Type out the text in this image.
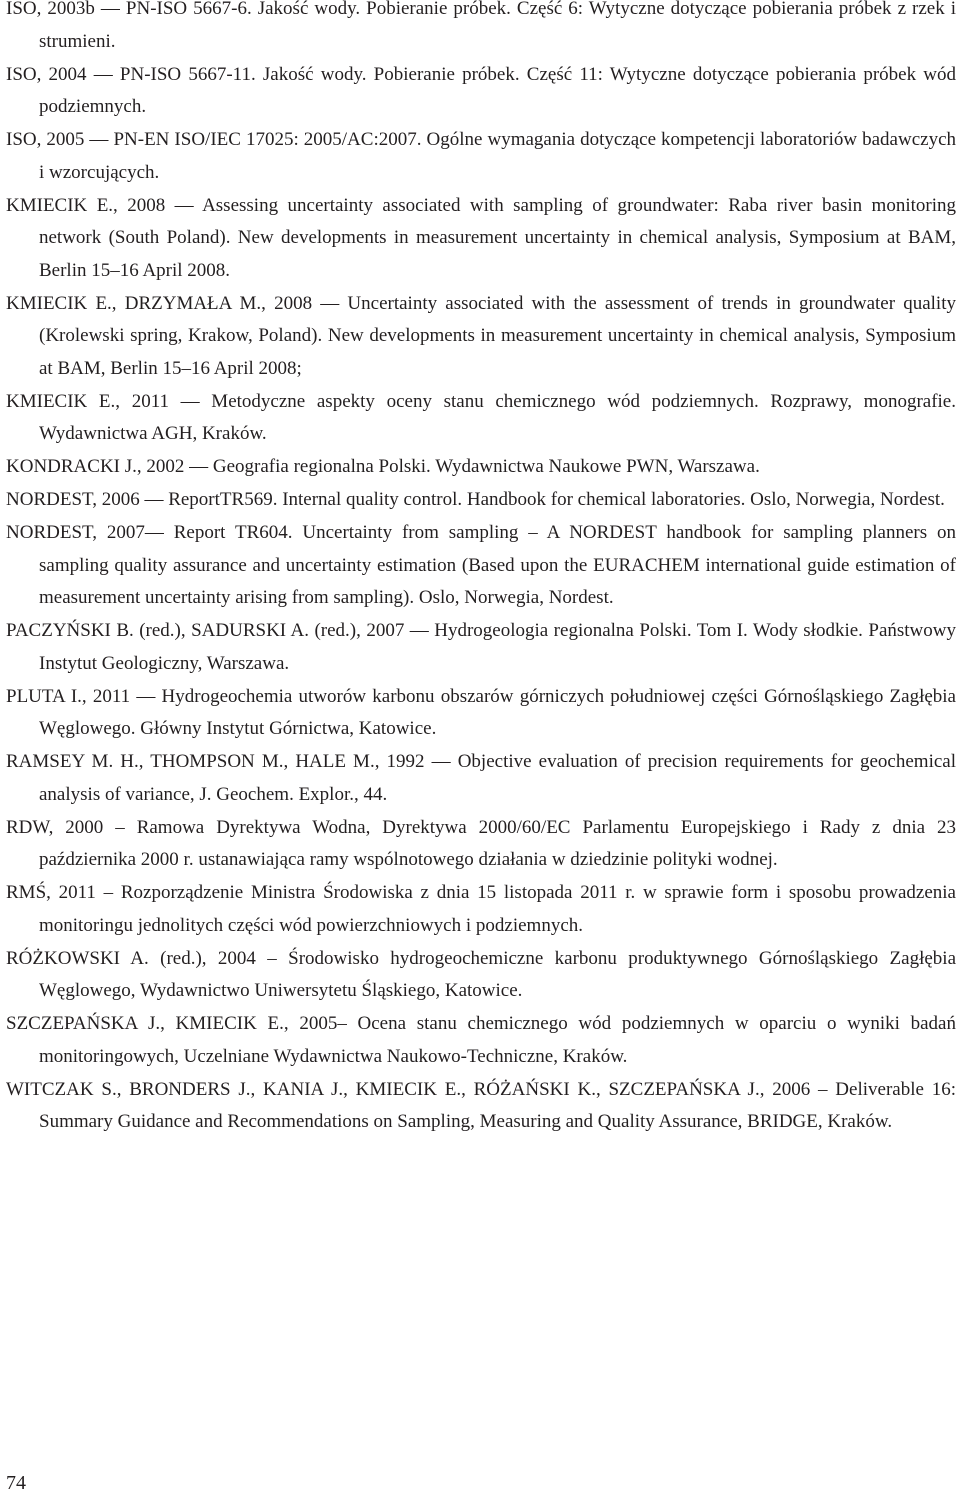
ISO, 2003b — PN-ISO 5667-6. Jakość wody. Pobieranie próbek. Część 6: Wytyczne dotyczące pobierania próbek z rzek i strumieni.

ISO, 2004 — PN-ISO 5667-11. Jakość wody. Pobieranie próbek. Część 11: Wytyczne dotyczące pobierania próbek wód podziemnych.

ISO, 2005 — PN-EN ISO/IEC 17025: 2005/AC:2007. Ogólne wymagania dotyczące kompetencji laboratoriów badawczych i wzorcujących.

KMIECIK E., 2008 — Assessing uncertainty associated with sampling of groundwater: Raba river basin monitoring network (South Poland). New developments in measurement uncertainty in chemical analysis, Symposium at BAM, Berlin 15–16 April 2008.

KMIECIK E., DRZYMAŁA M., 2008 — Uncertainty associated with the assessment of trends in groundwater quality (Krolewski spring, Krakow, Poland). New developments in measurement uncertainty in chemical analysis, Symposium at BAM, Berlin 15–16 April 2008;

KMIECIK E., 2011 — Metodyczne aspekty oceny stanu chemicznego wód podziemnych. Rozprawy, monografie. Wydawnictwa AGH, Kraków.

KONDRACKI J., 2002 — Geografia regionalna Polski. Wydawnictwa Naukowe PWN, Warszawa.

NORDEST, 2006 — ReportTR569. Internal quality control. Handbook for chemical laboratories. Oslo, Norwegia, Nordest.

NORDEST, 2007— Report TR604. Uncertainty from sampling – A NORDEST handbook for sampling planners on sampling quality assurance and uncertainty estimation (Based upon the EURACHEM international guide estimation of measurement uncertainty arising from sampling). Oslo, Norwegia, Nordest.

PACZYŃSKI B. (red.), SADURSKI A. (red.), 2007 — Hydrogeologia regionalna Polski. Tom I. Wody słodkie. Państwowy Instytut Geologiczny, Warszawa.

PLUTA I., 2011 — Hydrogeochemia utworów karbonu obszarów górniczych południowej części Górnośląskiego Zagłębia Węglowego. Główny Instytut Górnictwa, Katowice.

RAMSEY M. H., THOMPSON M., HALE M., 1992 — Objective evaluation of precision requirements for geochemical analysis of variance, J. Geochem. Explor., 44.

RDW, 2000 – Ramowa Dyrektywa Wodna, Dyrektywa 2000/60/EC Parlamentu Europejskiego i Rady z dnia 23 października 2000 r. ustanawiająca ramy wspólnotowego działania w dziedzinie polityki wodnej.

RMŚ, 2011 – Rozporządzenie Ministra Środowiska z dnia 15 listopada 2011 r. w sprawie form i sposobu prowadzenia monitoringu jednolitych części wód powierzchniowych i podziemnych.

RÓŻKOWSKI A. (red.), 2004 – Środowisko hydrogeochemiczne karbonu produktywnego Górnośląskiego Zagłębia Węglowego, Wydawnictwo Uniwersytetu Śląskiego, Katowice.

SZCZEPAŃSKA J., KMIECIK E., 2005– Ocena stanu chemicznego wód podziemnych w oparciu o wyniki badań monitoringowych, Uczelniane Wydawnictwa Naukowo-Techniczne, Kraków.

WITCZAK S., BRONDERS J., KANIA J., KMIECIK E., RÓŻAŃSKI K., SZCZEPAŃSKA J., 2006 – Deliverable 16: Summary Guidance and Recommendations on Sampling, Measuring and Quality Assurance, BRIDGE, Kraków.

74
